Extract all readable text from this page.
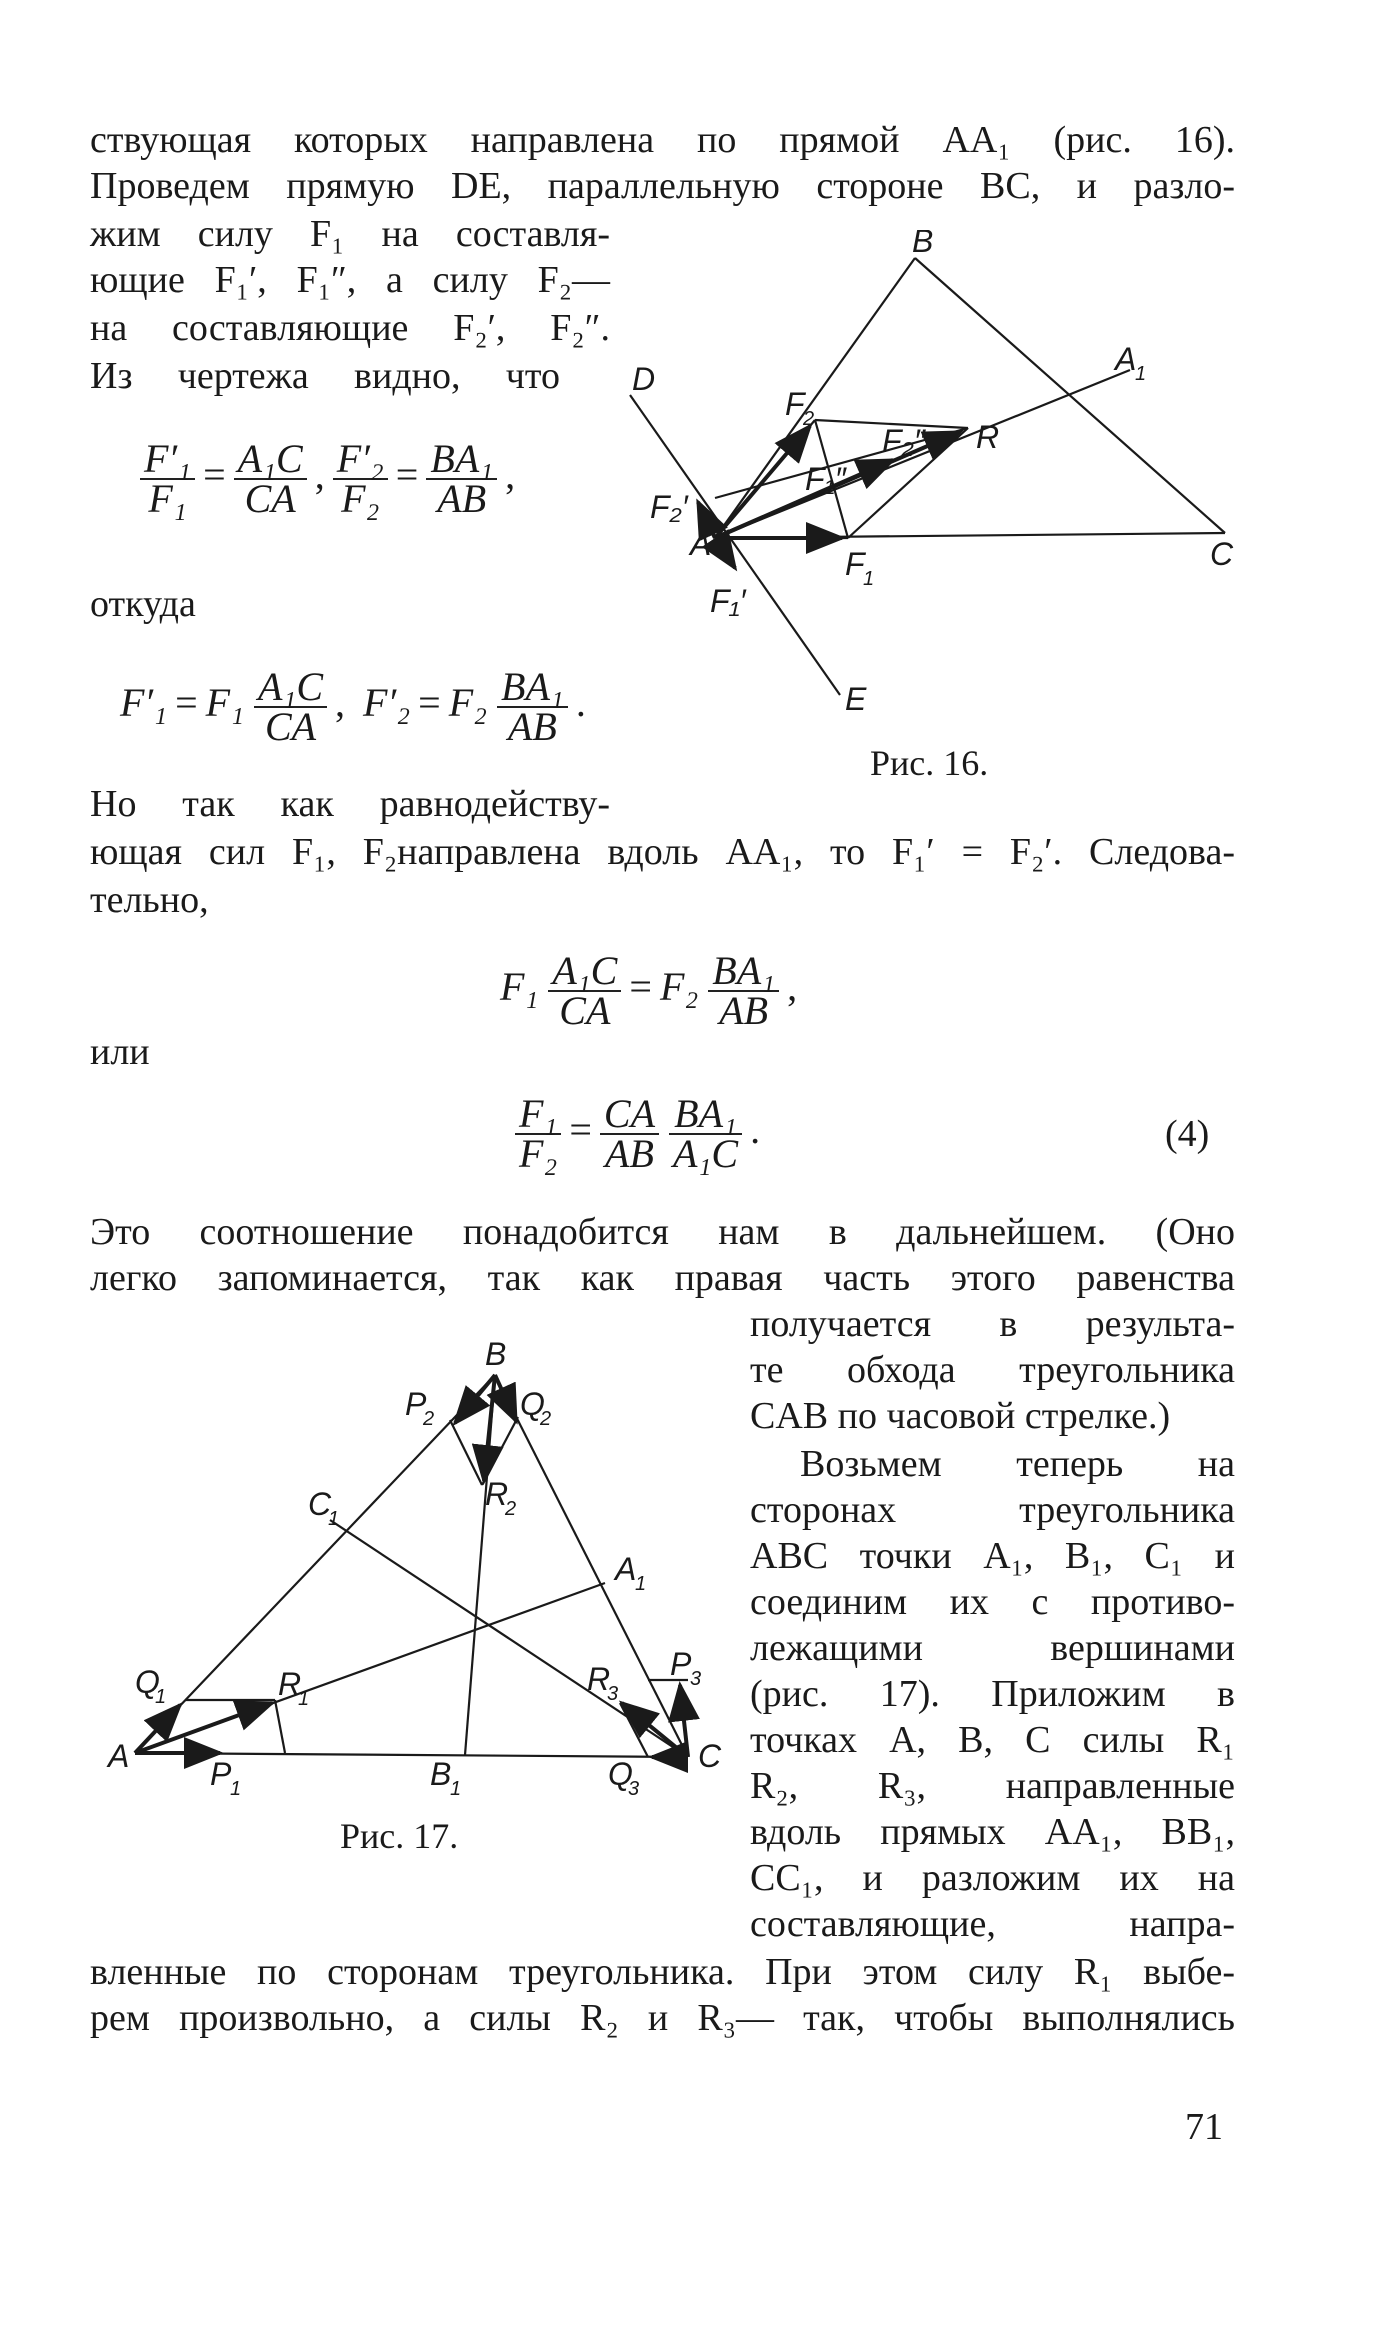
ствующая которых направлена по прямой AA₁ (рис. 16).
Проведем прямую DE, параллельную стороне BC, и разло-
жим силу F₁ на составля-
ющие F₁′, F₁″, а силу F₂—
на составляющие F₂′, F₂″.
Из чертежа видно, что
$\frac{\text{F′₁}}{\text{F₁}} = \frac{\text{A₁C}}{CA}$ , $\frac{\text{F′₂}}{\text{F₂}} = \frac{\text{BA₁}}{AB}$ ,
откуда
$F'_1 = F_1 \frac{\text{A₁C}}{CA}$ , $F'_2 = F_2 \frac{\text{BA₁}}{AB}$ .
B
A
1
D
F
2
F₂″ R
F₁″
F₂′
A
F
1
C
F₁′
E
Рис. 16.
Но так как равнодейству-
ющая сил F₁, F₂направлена вдоль AA₁, то F₁′ = F₂′. Следова-
тельно,
$F_1 \frac{\text{A₁C}}{CA} = F_2 \frac{\text{BA₁}}{AB}$ ,
или
$\frac{\text{F₁}}{\text{F₂}} = \frac{CA}{AB}$
$\frac{\text{BA₁}}{\text{A₁C}}$ .	(4)
Это соотношение понадобится нам в дальнейшем. (Оно
легко запоминается, так как правая часть этого равенства
получается в результа-
те обхода треугольника
CAB по часовой стрелке.)
Возьмем теперь на
сторонах треугольника
ABC точки A₁, B₁, C₁ и
соединим их с противо-
лежащими вершинами
(рис. 17). Приложим в
точках A, B, C силы R₁
R₂, R₃, направленные
вдоль прямых AA₁, BB₁,
CC₁, и разложим их на
составляющие, напра-
B
P
2	Q
2
C
1
R
2
A
1
Q
1	R
1
R
3
P
3
A	P
1	B
1	Q
3
C
Рис. 17.
вленные по сторонам треугольника. При этом силу R₁ выбе-
рем произвольно, а силы R₂ и R₃— так, чтобы выполнялись
71
